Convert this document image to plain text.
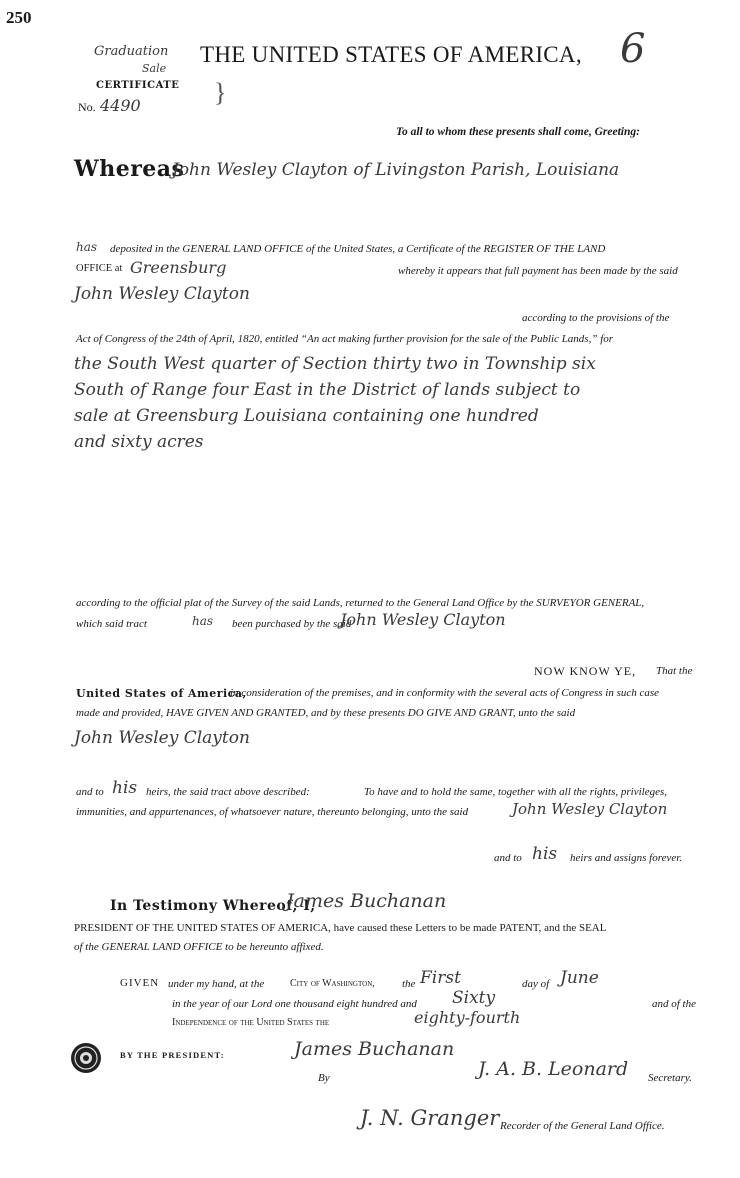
250
Graduation
Sale
CERTIFICATE
No. 4490	}
THE UNITED STATES OF AMERICA, 6
To all to whom these presents shall come, Greeting:
Whereas
John Wesley Clayton of Livingston Parish, Louisiana
has deposited in the GENERAL LAND OFFICE of the United States, a Certificate of the REGISTER OF THE LAND
OFFICE at Greensburg	whereby it appears that full payment has been made by the said
John Wesley Clayton
according to the provisions of the
Act of Congress of the 24th of April, 1820, entitled “An act making further provision for the sale of the Public Lands,” for
the South West quarter of Section thirty two in Township six
South of Range four East in the District of lands subject to
sale at Greensburg Louisiana containing one hundred
and sixty acres
according to the official plat of the Survey of the said Lands, returned to the General Land Office by the SURVEYOR GENERAL,
which said tract	has been purchased by the said
John Wesley Clayton
NOW KNOW YE, That the
United States of America,
in consideration of the premises, and in conformity with the several acts of Congress in such case
made and provided, HAVE GIVEN AND GRANTED, and by these presents DO GIVE AND GRANT, unto the said
John Wesley Clayton
and to his heirs, the said tract above described:	To have and to hold the same, together with all the rights, privileges,
immunities, and appurtenances, of whatsoever nature, thereunto belonging, unto the said	John Wesley Clayton
and to his heirs and assigns forever.
In Testimony Whereof, I,
James Buchanan
PRESIDENT OF THE UNITED STATES OF AMERICA, have caused these Letters to be made PATENT, and the SEAL
of the GENERAL LAND OFFICE to be hereunto affixed.
GIVEN under my hand, at the	City of Washington, the First	day of June
in the year of our Lord one thousand eight hundred and Sixty	and of the
Independence of the United States the	eighty-fourth
BY THE PRESIDENT:	James Buchanan
By	J. A. B. Leonard Secretary.
J. N. Granger Recorder of the General Land Office.
